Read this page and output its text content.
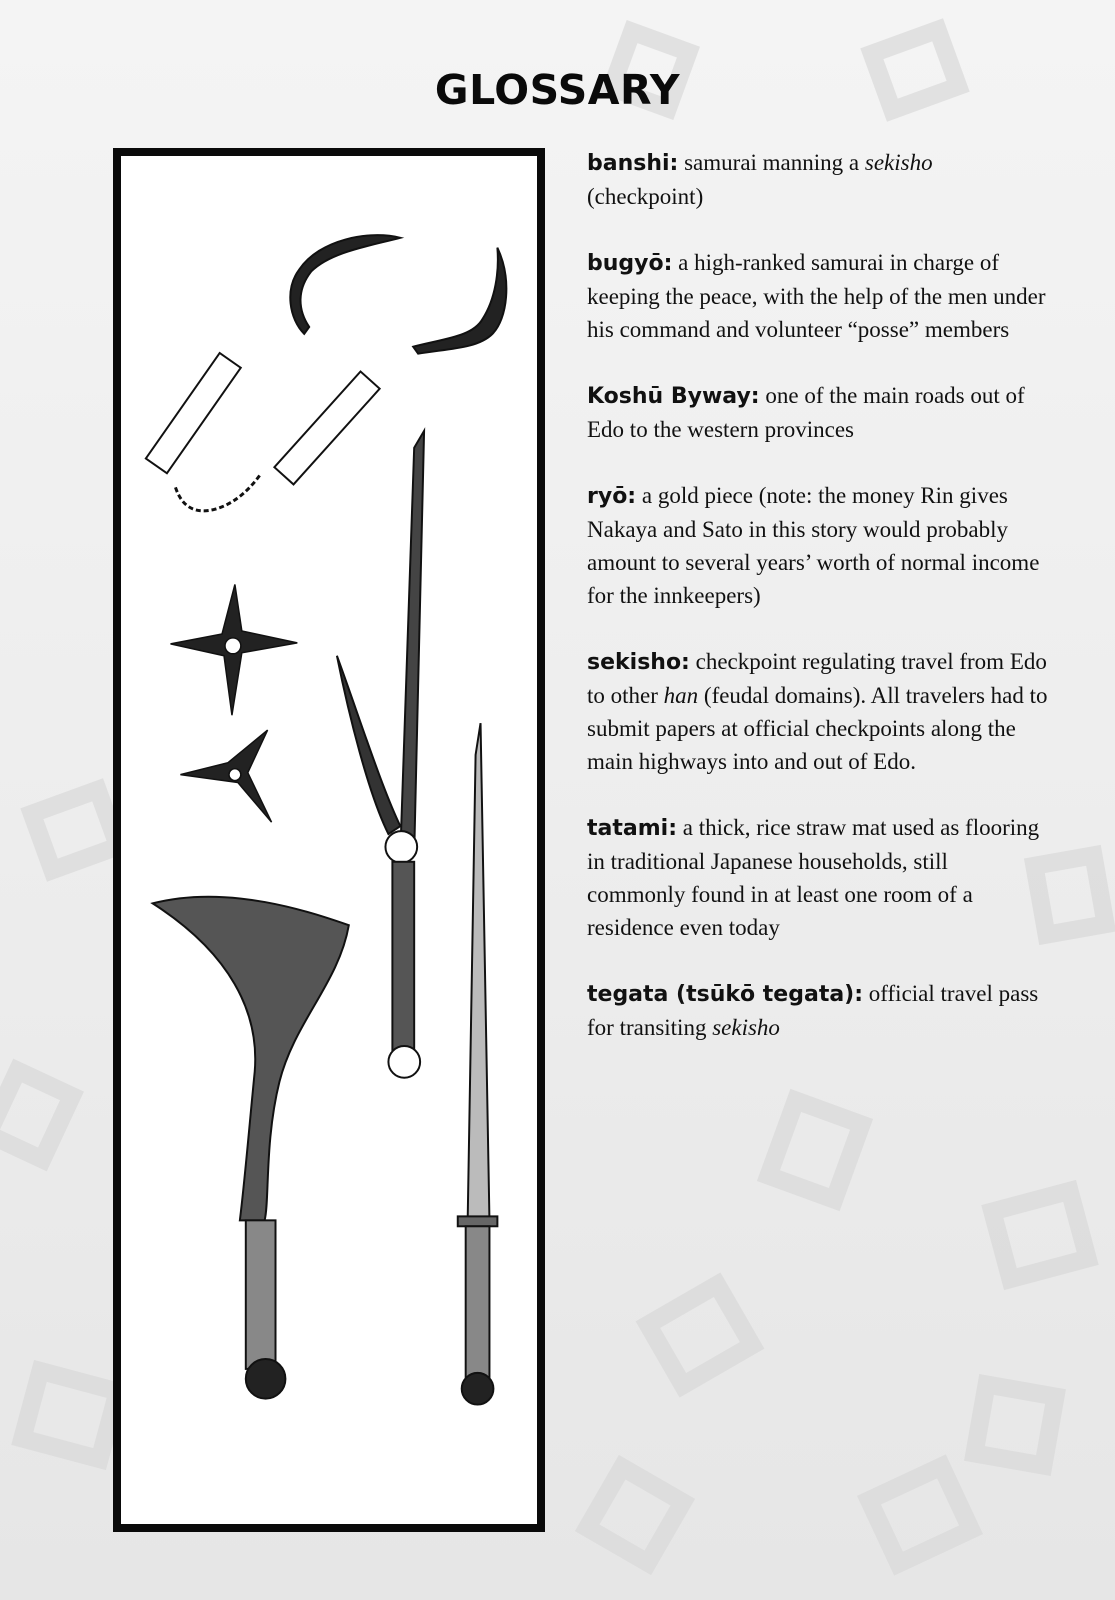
GLOSSARY
banshi: samurai manning a sekisho (checkpoint)
bugyō: a high-ranked samurai in charge of keeping the peace, with the help of the men under his command and volunteer “posse” members
Koshū Byway: one of the main roads out of Edo to the western provinces
ryō: a gold piece (note: the money Rin gives Nakaya and Sato in this story would probably amount to several years’ worth of normal income for the innkeepers)
sekisho: checkpoint regulating travel from Edo to other han (feudal domains). All travelers had to submit papers at official checkpoints along the main highways into and out of Edo.
tatami: a thick, rice straw mat used as flooring in traditional Japanese households, still commonly found in at least one room of a residence even today
tegata (tsūkō tegata): official travel pass for transiting sekisho
